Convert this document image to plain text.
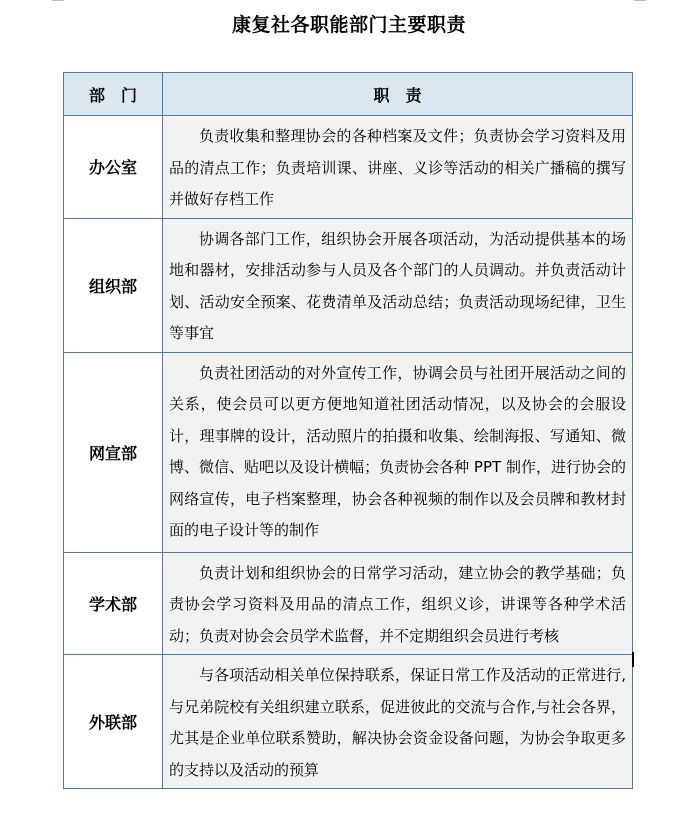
康复社各职能部门主要职责
部　门	职　责
办公室	负责收集和整理协会的各种档案及文件；负责协会学习资料及用品的清点工作；负责培训课、讲座、义诊等活动的相关广播稿的撰写并做好存档工作

组织部	协调各部门工作，组织协会开展各项活动，为活动提供基本的场地和器材，安排活动参与人员及各个部门的人员调动。并负责活动计划、活动安全预案、花费清单及活动总结；负责活动现场纪律，卫生等事宜

网宣部	负责社团活动的对外宣传工作，协调会员与社团开展活动之间的关系，使会员可以更方便地知道社团活动情况，以及协会的会服设计，理事牌的设计，活动照片的拍摄和收集、绘制海报、写通知、微博、微信、贴吧以及设计横幅；负责协会各种 PPT 制作，进行协会的网络宣传，电子档案整理，协会各种视频的制作以及会员牌和教材封面的电子设计等的制作

学术部	负责计划和组织协会的日常学习活动，建立协会的教学基础；负责协会学习资料及用品的清点工作，组织义诊，讲课等各种学术活动；负责对协会会员学术监督，并不定期组织会员进行考核

外联部	与各项活动相关单位保持联系，保证日常工作及活动的正常进行,与兄弟院校有关组织建立联系，促进彼此的交流与合作,与社会各界，尤其是企业单位联系赞助，解决协会资金设备问题，为协会争取更多的支持以及活动的预算
